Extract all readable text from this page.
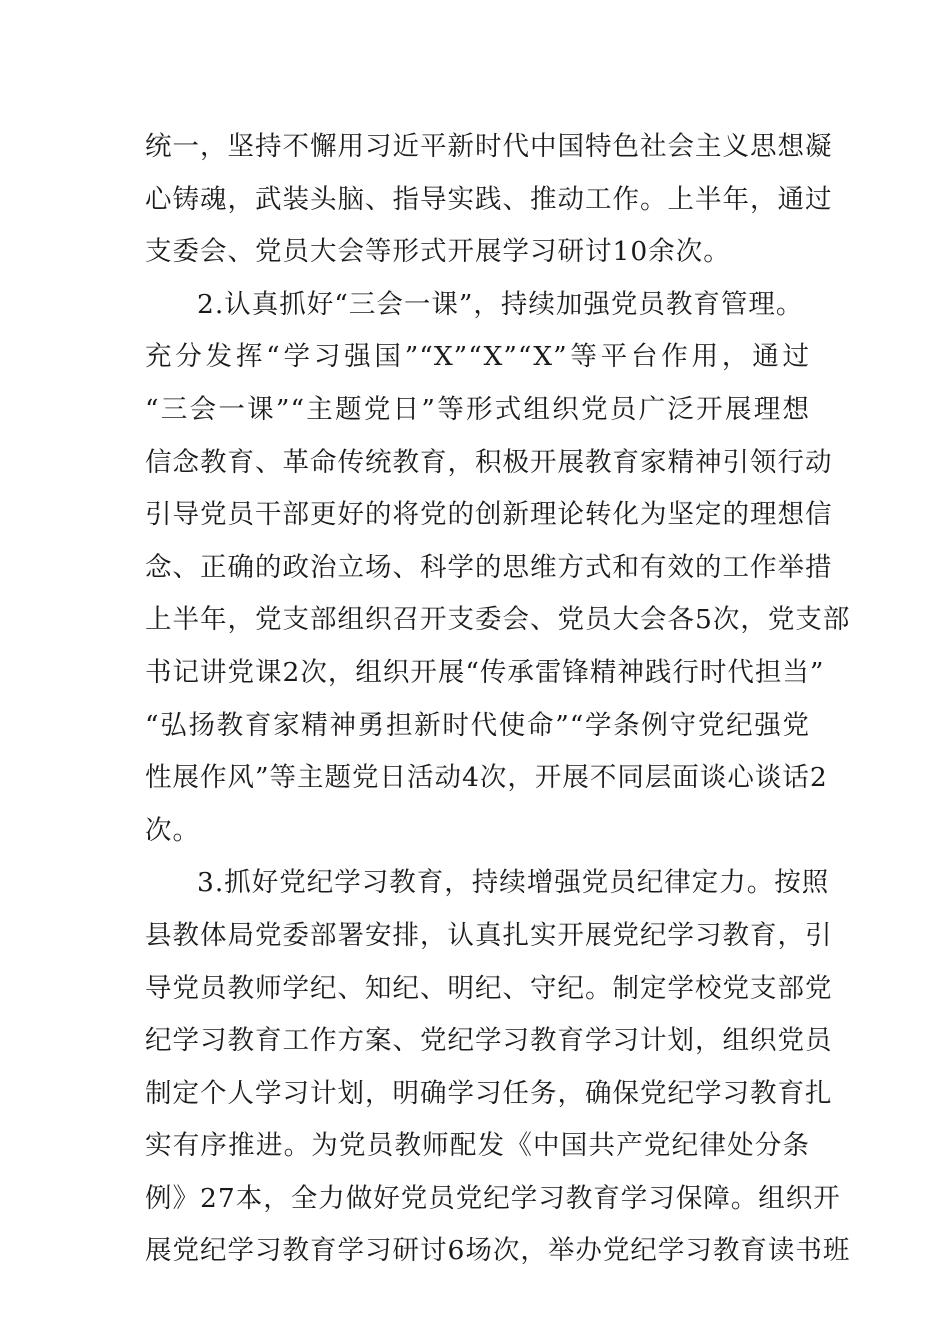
统一，坚持不懈用习近平新时代中国特色社会主义思想凝
心铸魂，武装头脑、指导实践、推动工作。上半年，通过
支委会、党员大会等形式开展学习研讨10余次。
2.认真抓好“三会一课”，持续加强党员教育管理。
充分发挥“学习强国”“X”“X”“X”等平台作用，通过
“三会一课”“主题党日”等形式组织党员广泛开展理想
信念教育、革命传统教育，积极开展教育家精神引领行动
引导党员干部更好的将党的创新理论转化为坚定的理想信
念、正确的政治立场、科学的思维方式和有效的工作举措
上半年，党支部组织召开支委会、党员大会各5次，党支部
书记讲党课2次，组织开展“传承雷锋精神践行时代担当”
“弘扬教育家精神勇担新时代使命”“学条例守党纪强党
性展作风”等主题党日活动4次，开展不同层面谈心谈话2
次。
3.抓好党纪学习教育，持续增强党员纪律定力。按照
县教体局党委部署安排，认真扎实开展党纪学习教育，引
导党员教师学纪、知纪、明纪、守纪。制定学校党支部党
纪学习教育工作方案、党纪学习教育学习计划，组织党员
制定个人学习计划，明确学习任务，确保党纪学习教育扎
实有序推进。为党员教师配发《中国共产党纪律处分条
例》27本，全力做好党员党纪学习教育学习保障。组织开
展党纪学习教育学习研讨6场次，举办党纪学习教育读书班
